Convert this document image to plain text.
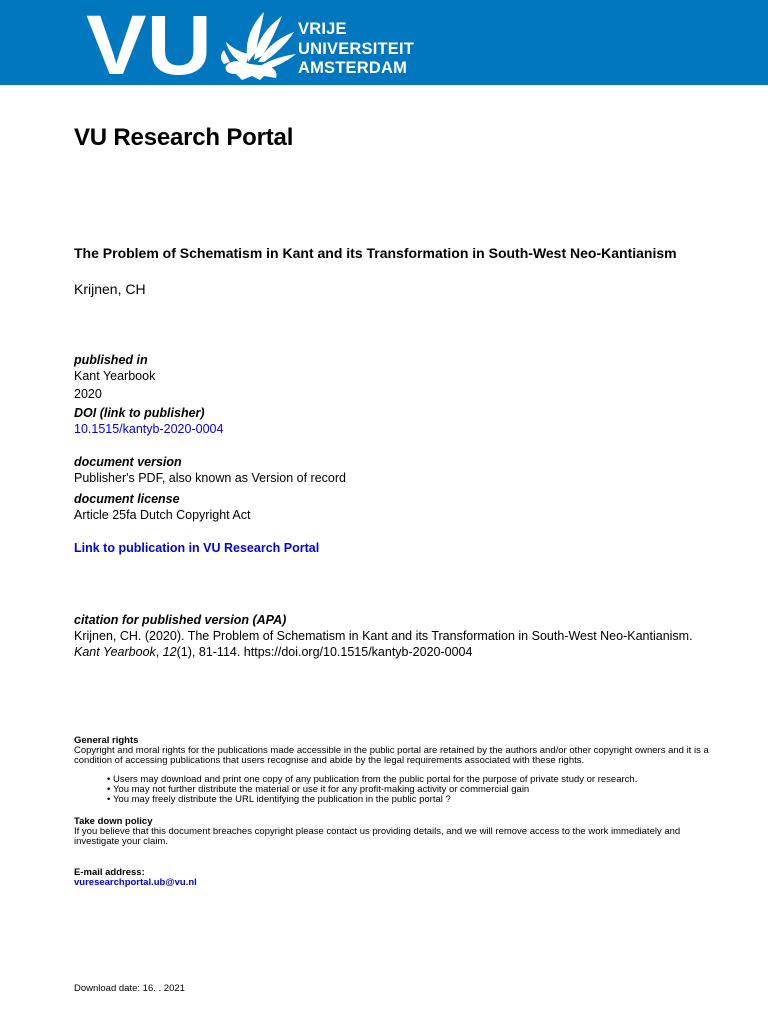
VU	VRIJE
UNIVERSITEIT
AMSTERDAM
VU Research Portal
The Problem of Schematism in Kant and its Transformation in South-West Neo-Kantianism
Krijnen, CH
published in
Kant Yearbook
2020
DOI (link to publisher)
10.1515/kantyb-2020-0004
document version
Publisher's PDF, also known as Version of record
document license
Article 25fa Dutch Copyright Act
Link to publication in VU Research Portal
citation for published version (APA)
Krijnen, CH. (2020). The Problem of Schematism in Kant and its Transformation in South-West Neo-Kantianism.
Kant Yearbook, 12(1), 81-114. https://doi.org/10.1515/kantyb-2020-0004
General rights
Copyright and moral rights for the publications made accessible in the public portal are retained by the authors and/or other copyright owners and it is a condition of accessing publications that users recognise and abide by the legal requirements associated with these rights.
• Users may download and print one copy of any publication from the public portal for the purpose of private study or research.
• You may not further distribute the material or use it for any profit-making activity or commercial gain
• You may freely distribute the URL identifying the publication in the public portal ?
Take down policy
If you believe that this document breaches copyright please contact us providing details, and we will remove access to the work immediately and investigate your claim.
E-mail address:
vuresearchportal.ub@vu.nl
Download date: 16. . 2021
